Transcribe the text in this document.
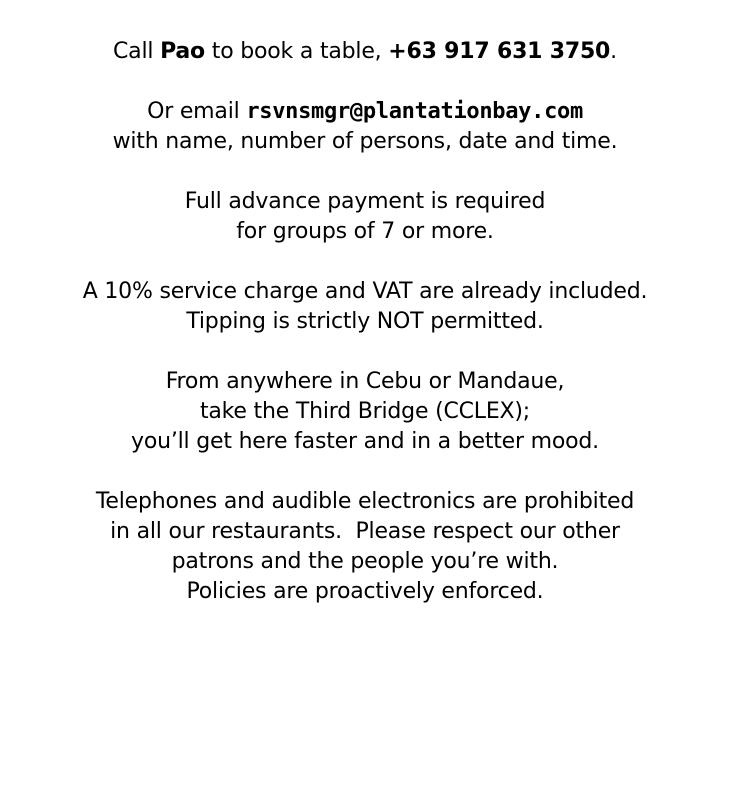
Call Pao to book a table, +63 917 631 3750.
Or email rsvnsmgr@plantationbay.com
with name, number of persons, date and time.
Full advance payment is required
for groups of 7 or more.
A 10% service charge and VAT are already included.
Tipping is strictly NOT permitted.
From anywhere in Cebu or Mandaue,
take the Third Bridge (CCLEX);
you’ll get here faster and in a better mood.
Telephones and audible electronics are prohibited
in all our restaurants.  Please respect our other
patrons and the people you’re with.
Policies are proactively enforced.
